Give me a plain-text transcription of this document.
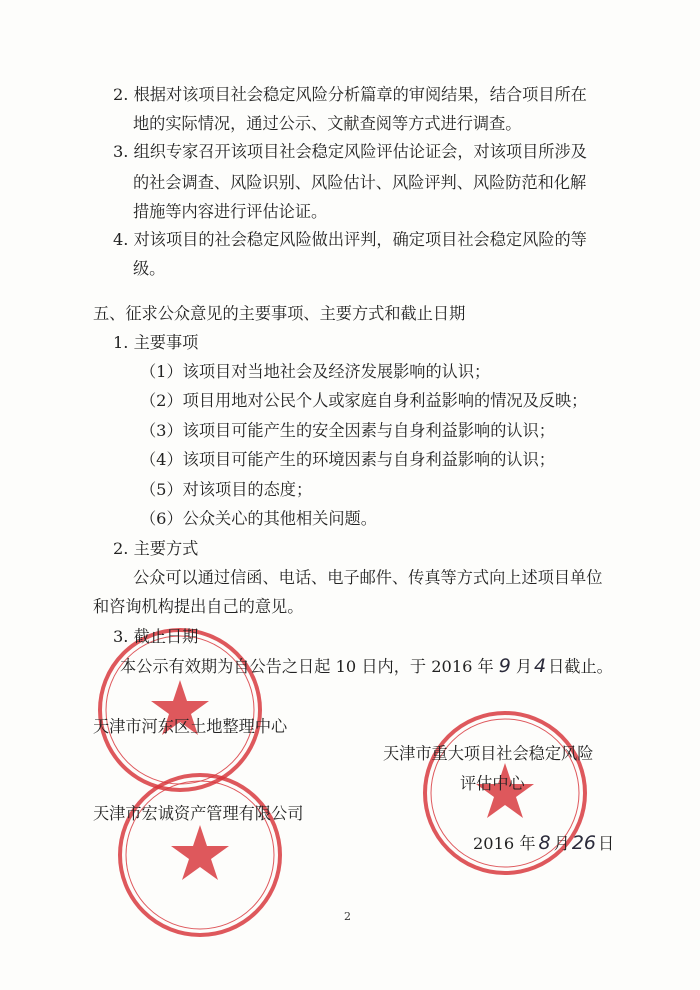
2. 根据对该项目社会稳定风险分析篇章的审阅结果，结合项目所在
地的实际情况，通过公示、文献查阅等方式进行调查。
3. 组织专家召开该项目社会稳定风险评估论证会，对该项目所涉及
的社会调查、风险识别、风险估计、风险评判、风险防范和化解
措施等内容进行评估论证。
4. 对该项目的社会稳定风险做出评判，确定项目社会稳定风险的等
级。
五、征求公众意见的主要事项、主要方式和截止日期
1. 主要事项
（1）该项目对当地社会及经济发展影响的认识；
（2）项目用地对公民个人或家庭自身利益影响的情况及反映；
（3）该项目可能产生的安全因素与自身利益影响的认识；
（4）该项目可能产生的环境因素与自身利益影响的认识；
（5）对该项目的态度；
（6）公众关心的其他相关问题。
2. 主要方式
公众可以通过信函、电话、电子邮件、传真等方式向上述项目单位
和咨询机构提出自己的意见。
3. 截止日期
本公示有效期为自公告之日起 10 日内，于 2016 年 9 月 4 日截止。
天津市河东区土地整理中心
天津市重大项目社会稳定风险
评估中心
天津市宏诚资产管理有限公司
2016 年 8 月 26 日
2
